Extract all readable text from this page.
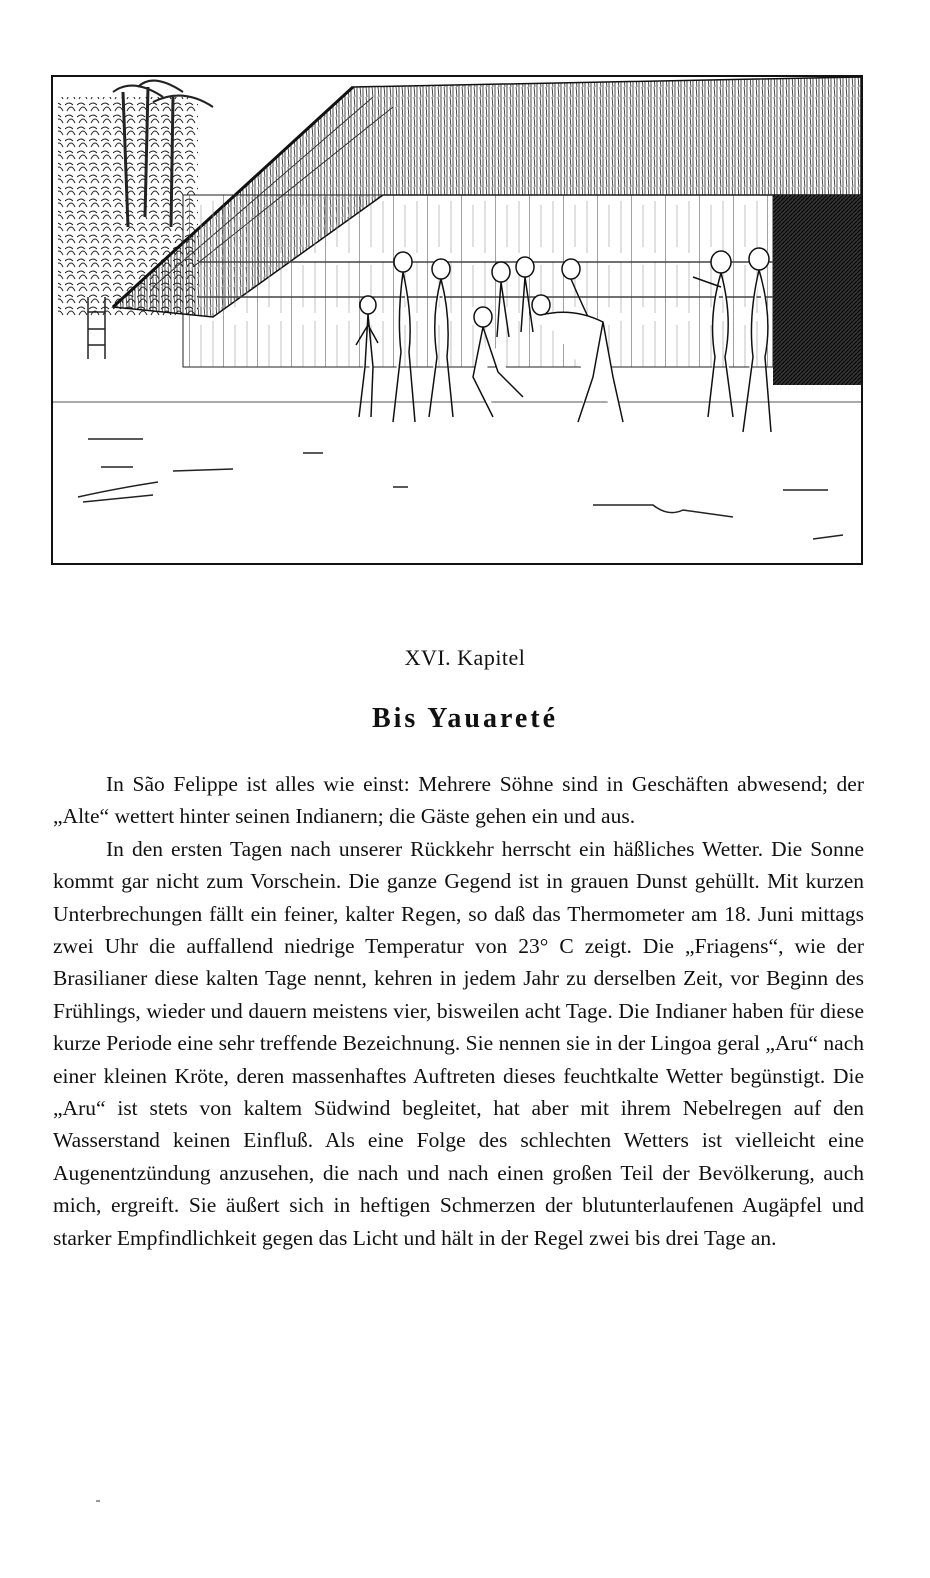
XVI. Kapitel
Bis Yauareté

In São Felippe ist alles wie einst: Mehrere Söhne sind in Geschäften abwesend; der „Alte“ wettert hinter seinen Indianern; die Gäste gehen ein und aus.

In den ersten Tagen nach unserer Rückkehr herrscht ein häßliches Wetter. Die Sonne kommt gar nicht zum Vorschein. Die ganze Gegend ist in grauen Dunst gehüllt. Mit kurzen Unterbrechungen fällt ein feiner, kalter Regen, so daß das Thermometer am 18. Juni mittags zwei Uhr die auffallend niedrige Temperatur von 23° C zeigt. Die „Friagens“, wie der Brasilianer diese kalten Tage nennt, kehren in jedem Jahr zu derselben Zeit, vor Beginn des Frühlings, wieder und dauern meistens vier, bisweilen acht Tage. Die Indianer haben für diese kurze Periode eine sehr treffende Bezeichnung. Sie nennen sie in der Lingoa geral „Aru“ nach einer kleinen Kröte, deren massenhaftes Auftreten dieses feuchtkalte Wetter begünstigt. Die „Aru“ ist stets von kaltem Südwind begleitet, hat aber mit ihrem Nebelregen auf den Wasserstand keinen Einfluß. Als eine Folge des schlechten Wetters ist vielleicht eine Augenentzündung anzusehen, die nach und nach einen großen Teil der Bevölkerung, auch mich, ergreift. Sie äußert sich in heftigen Schmerzen der blutunterlaufenen Augäpfel und starker Empfindlichkeit gegen das Licht und hält in der Regel zwei bis drei Tage an.
